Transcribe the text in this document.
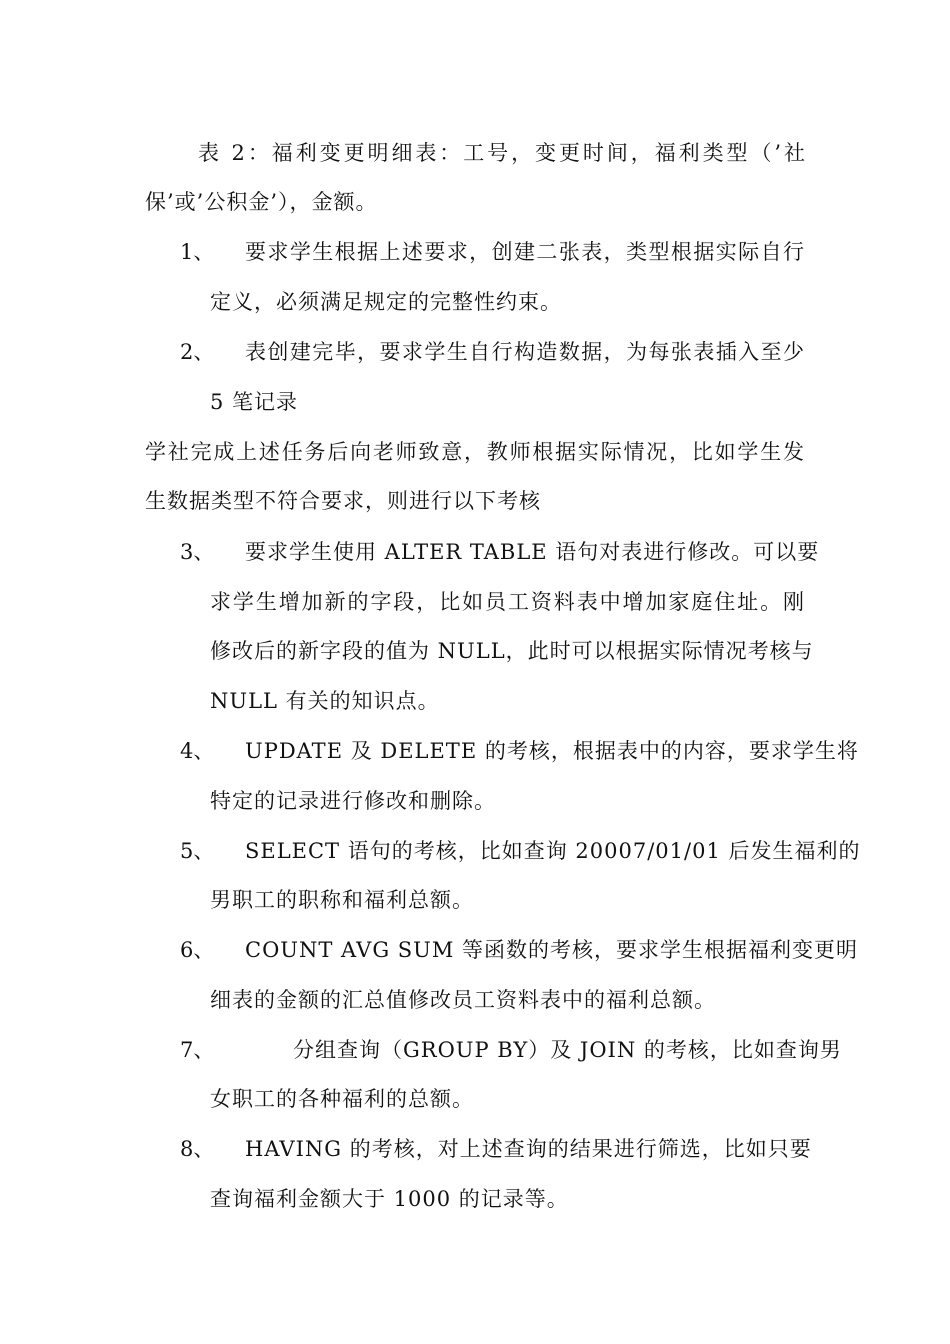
表 2：福利变更明细表：工号，变更时间，福利类型（’社
保’或’公积金’），金额。
1、 要求学生根据上述要求，创建二张表，类型根据实际自行
定义，必须满足规定的完整性约束。
2、 表创建完毕，要求学生自行构造数据，为每张表插入至少
5 笔记录
学社完成上述任务后向老师致意，教师根据实际情况，比如学生发
生数据类型不符合要求，则进行以下考核
3、 要求学生使用 ALTER TABLE 语句对表进行修改。可以要
求学生增加新的字段，比如员工资料表中增加家庭住址。刚
修改后的新字段的值为 NULL，此时可以根据实际情况考核与
NULL 有关的知识点。
4、 UPDATE 及 DELETE 的考核，根据表中的内容，要求学生将
特定的记录进行修改和删除。
5、 SELECT 语句的考核，比如查询 20007/01/01 后发生福利的
男职工的职称和福利总额。
6、 COUNT AVG SUM 等函数的考核，要求学生根据福利变更明
细表的金额的汇总值修改员工资料表中的福利总额。
7、	分组查询（GROUP BY）及 JOIN 的考核，比如查询男
女职工的各种福利的总额。
8、 HAVING 的考核，对上述查询的结果进行筛选，比如只要
查询福利金额大于 1000 的记录等。
